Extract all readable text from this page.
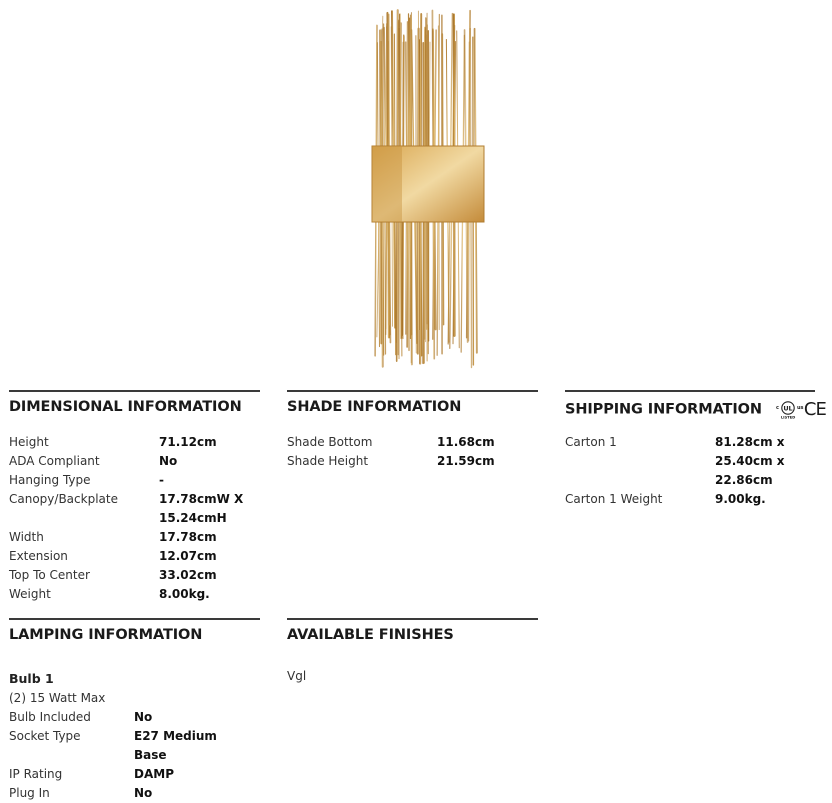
DIMENSIONAL INFORMATION
Height	71.12cm
ADA Compliant	No
Hanging Type	-
Canopy/Backplate	17.78cmW X 15.24cmH
Width	17.78cm
Extension	12.07cm
Top To Center	33.02cm
Weight	8.00kg.
SHADE INFORMATION
Shade Bottom	11.68cm
Shade Height	21.59cm
SHIPPING INFORMATION	c UL us
LISTED CE
Carton 1	81.28cm x 25.40cm x 22.86cm
Carton 1 Weight	9.00kg.
LAMPING INFORMATION
Bulb 1
(2) 15 Watt Max
Bulb Included	No
Socket Type	E27 Medium Base
IP Rating	DAMP
Plug In	No
AVAILABLE FINISHES
Vgl
